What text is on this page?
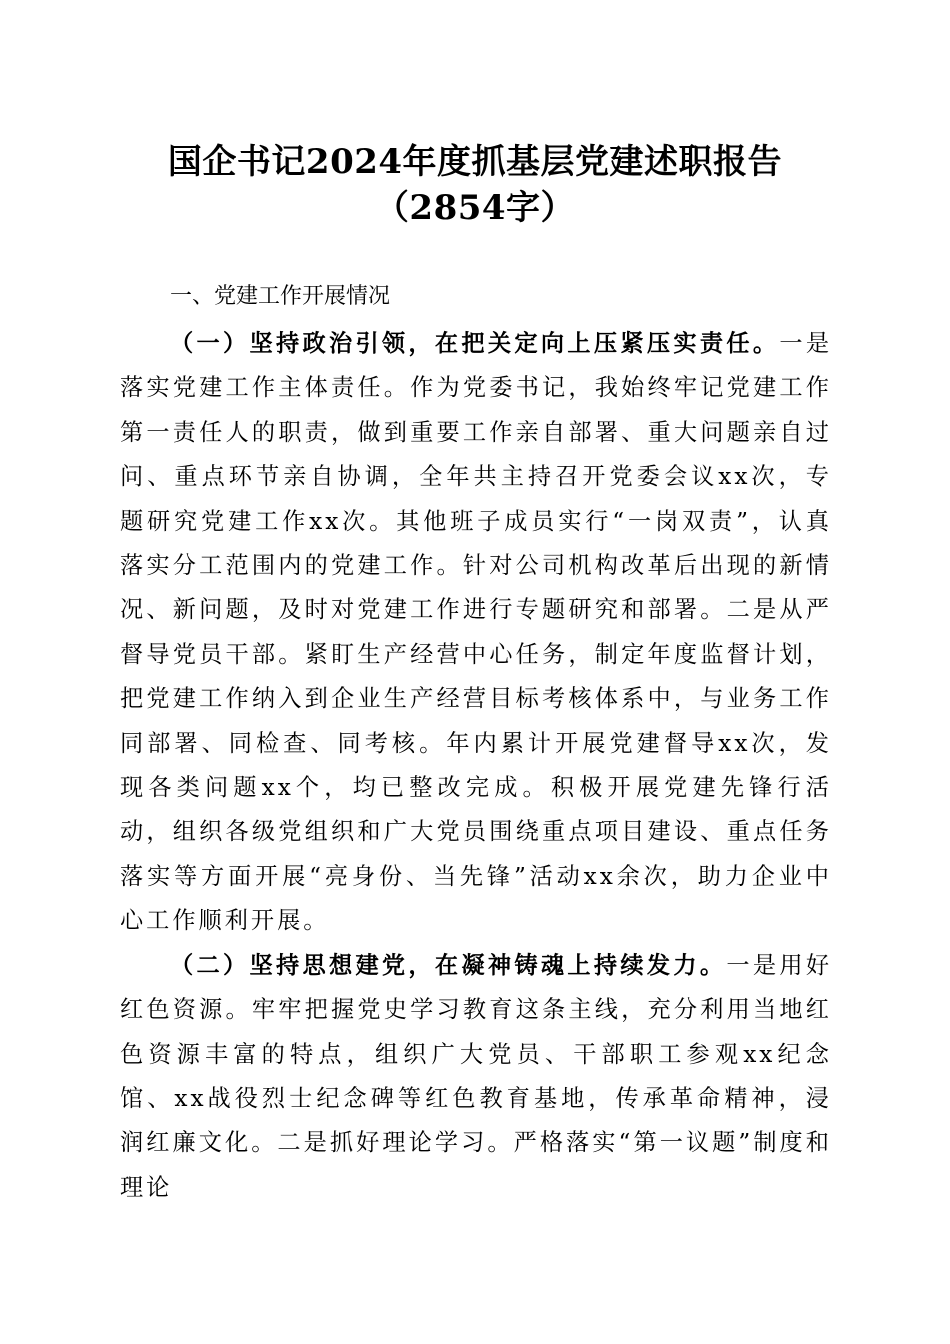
国企书记2024年度抓基层党建述职报告
（2854字）
一、党建工作开展情况

（一）坚持政治引领，在把关定向上压紧压实责任。一是落实党建工作主体责任。作为党委书记，我始终牢记党建工作第一责任人的职责，做到重要工作亲自部署、重大问题亲自过问、重点环节亲自协调，全年共主持召开党委会议xx次，专题研究党建工作xx次。其他班子成员实行“一岗双责”，认真落实分工范围内的党建工作。针对公司机构改革后出现的新情况、新问题，及时对党建工作进行专题研究和部署。二是从严督导党员干部。紧盯生产经营中心任务，制定年度监督计划，把党建工作纳入到企业生产经营目标考核体系中，与业务工作同部署、同检查、同考核。年内累计开展党建督导xx次，发现各类问题xx个，均已整改完成。积极开展党建先锋行活动，组织各级党组织和广大党员围绕重点项目建设、重点任务落实等方面开展“亮身份、当先锋”活动xx余次，助力企业中心工作顺利开展。

（二）坚持思想建党，在凝神铸魂上持续发力。一是用好红色资源。牢牢把握党史学习教育这条主线，充分利用当地红色资源丰富的特点，组织广大党员、干部职工参观xx纪念馆、xx战役烈士纪念碑等红色教育基地，传承革命精神，浸润红廉文化。二是抓好理论学习。严格落实“第一议题”制度和理论
